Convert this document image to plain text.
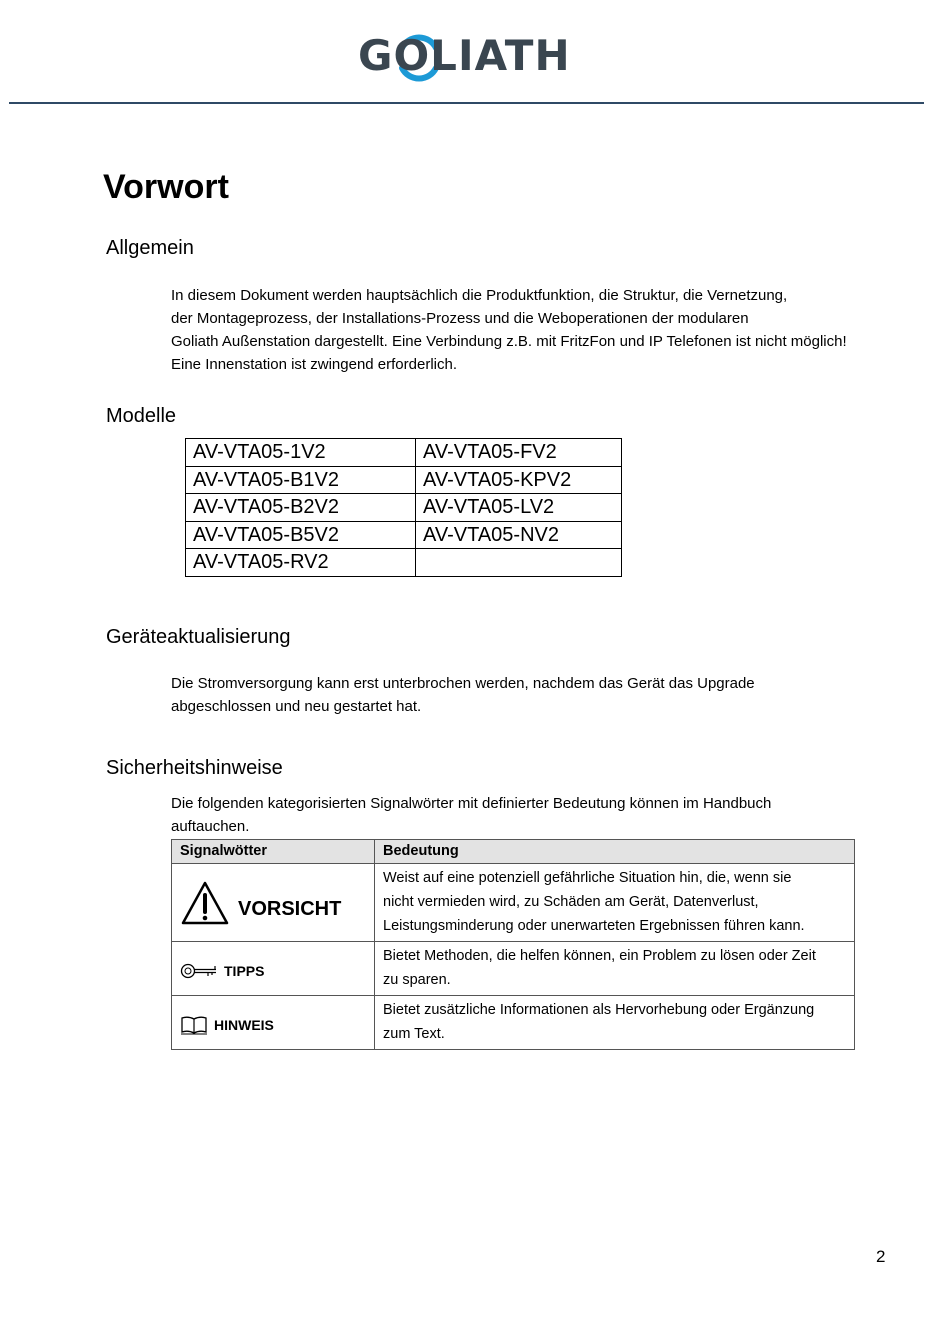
GOLIATH
Vorwort
Allgemein

In diesem Dokument werden hauptsächlich die Produktfunktion, die Struktur, die Vernetzung,

der Montageprozess, der Installations-Prozess und die Weboperationen der modularen

Goliath Außenstation dargestellt. Eine Verbindung z.B. mit FritzFon und IP Telefonen ist nicht möglich!

Eine Innenstation ist zwingend erforderlich.

Modelle
AV-VTA05-1V2	AV-VTA05-FV2
AV-VTA05-B1V2	AV-VTA05-KPV2
AV-VTA05-B2V2	AV-VTA05-LV2
AV-VTA05-B5V2	AV-VTA05-NV2
AV-VTA05-RV2	
Geräteaktualisierung

Die Stromversorgung kann erst unterbrochen werden, nachdem das Gerät das Upgrade

abgeschlossen und neu gestartet hat.

Sicherheitshinweise

Die folgenden kategorisierten Signalwörter mit definierter Bedeutung können im Handbuch

auftauchen.

Signalwötter	Bedeutung

VORSICHT	Weist auf eine potenziell gefährliche Situation hin, die, wenn sie
nicht vermieden wird, zu Schäden am Gerät, Datenverlust,
Leistungsminderung oder unerwarteten Ergebnissen führen kann.

TIPPS	Bietet Methoden, die helfen können, ein Problem zu lösen oder Zeit
zu sparen.

HINWEIS	Bietet zusätzliche Informationen als Hervorhebung oder Ergänzung
zum Text.
2
